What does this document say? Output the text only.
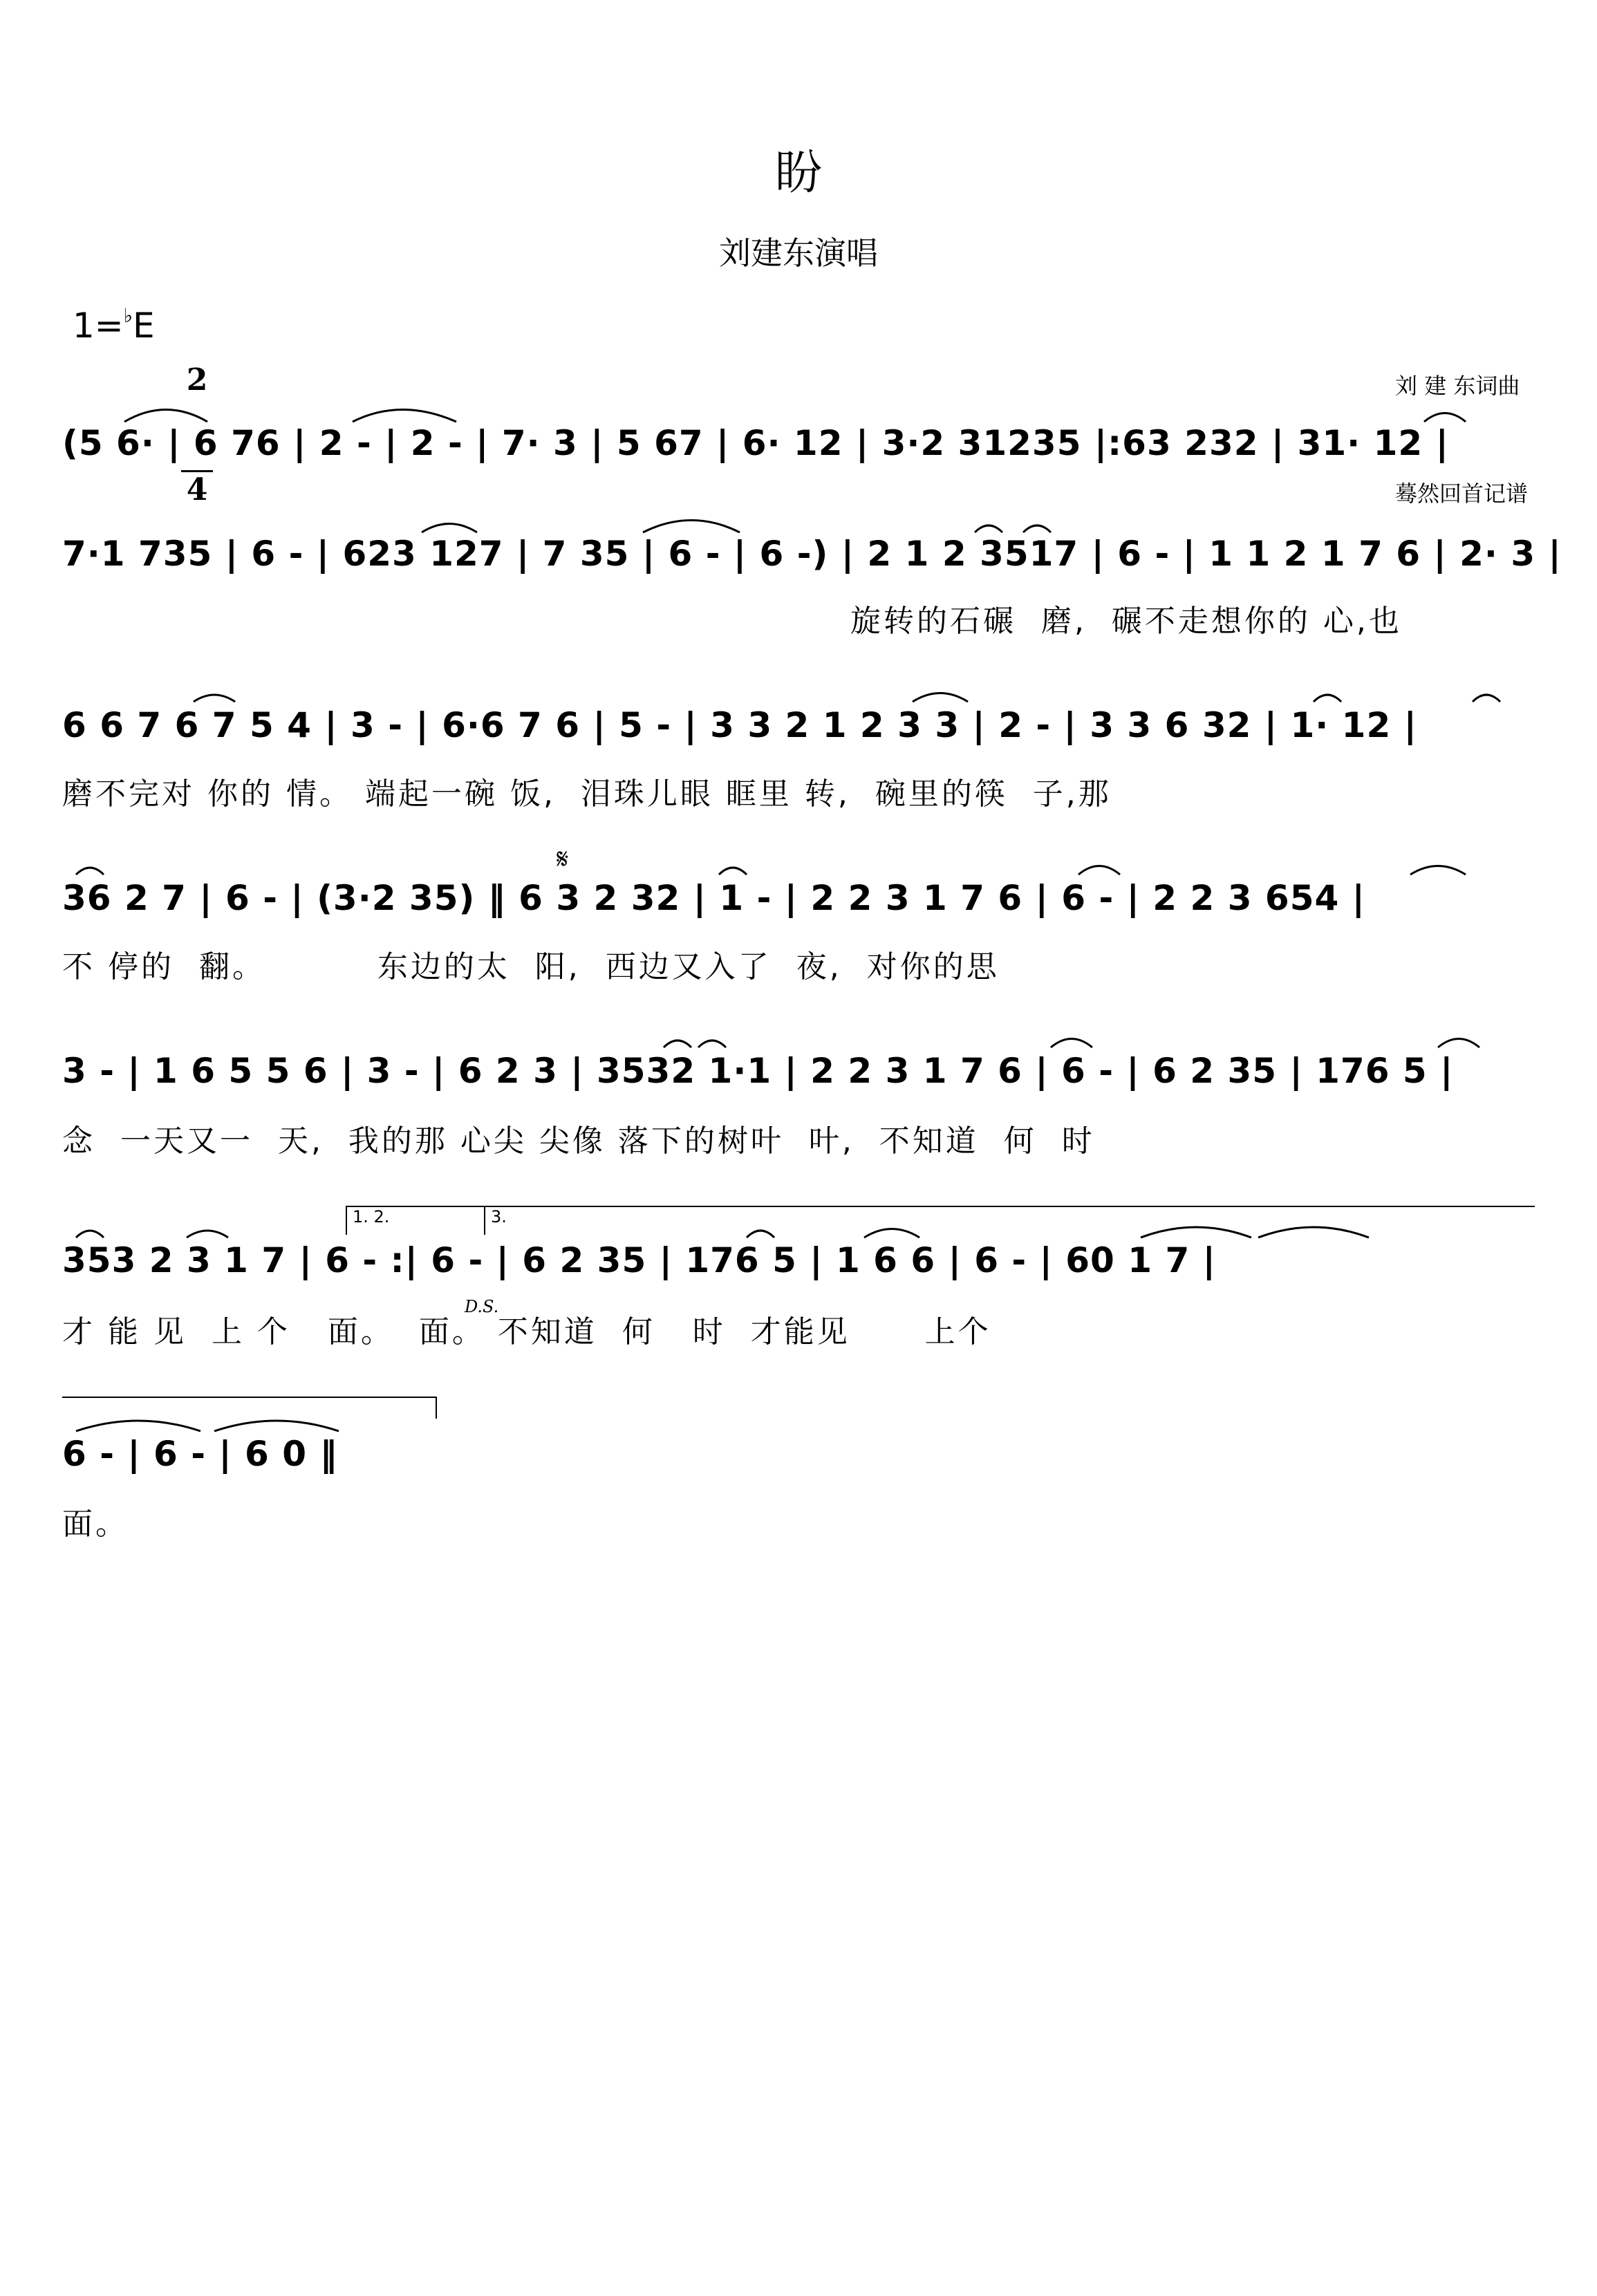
盼
刘建东演唱
1=♭E

2

4

刘 建 东词曲

蓦然回首记谱

(5 6· | 6 76 | 2 - | 2 - | 7· 3 | 5 67 | 6· 12 | 3·2 31235 |:63 232 | 31· 12 |
7·1 735 | 6 - | 623 127 | 7 35 | 6 - | 6 -) | 2 1 2 3517 | 6 - | 1 1 2 1 7 6 | 2· 3 |
旋转的石碾  磨,  碾不走想你的 心,也
6 6 7 6 7 5 4 | 3 - | 6·6 7 6 | 5 - | 3 3 2 1 2 3 3 | 2 - | 3 3 6 32 | 1· 12 |
磨不完对 你的 情。 端起一碗 饭,  泪珠儿眼 眶里 转,  碗里的筷  子,那
𝄋
36 2 7 | 6 - | (3·2 35) ‖ 6 3 2 32 | 1 - | 2 2 3 1 7 6 | 6 - | 2 2 3 654 |
不 停的  翻。         东边的太  阳,  西边又入了  夜,  对你的思
3 - | 1 6 5 5 6 | 3 - | 6 2 3 | 3532 1·1 | 2 2 3 1 7 6 | 6 - | 6 2 35 | 176 5 |
念  一天又一  天,  我的那 心尖 尖像 落下的树叶  叶,  不知道  何  时

1. 2.

	3.

353 2 3 1 7 | 6 - :| 6 - | 6 2 35 | 176 5 | 1 6 6 | 6 - | 60 1 7 |
D.S.
才 能 见  上 个   面。  面。 不知道  何   时  才能见      上个
6 - | 6 - | 6 0 ‖
面。
